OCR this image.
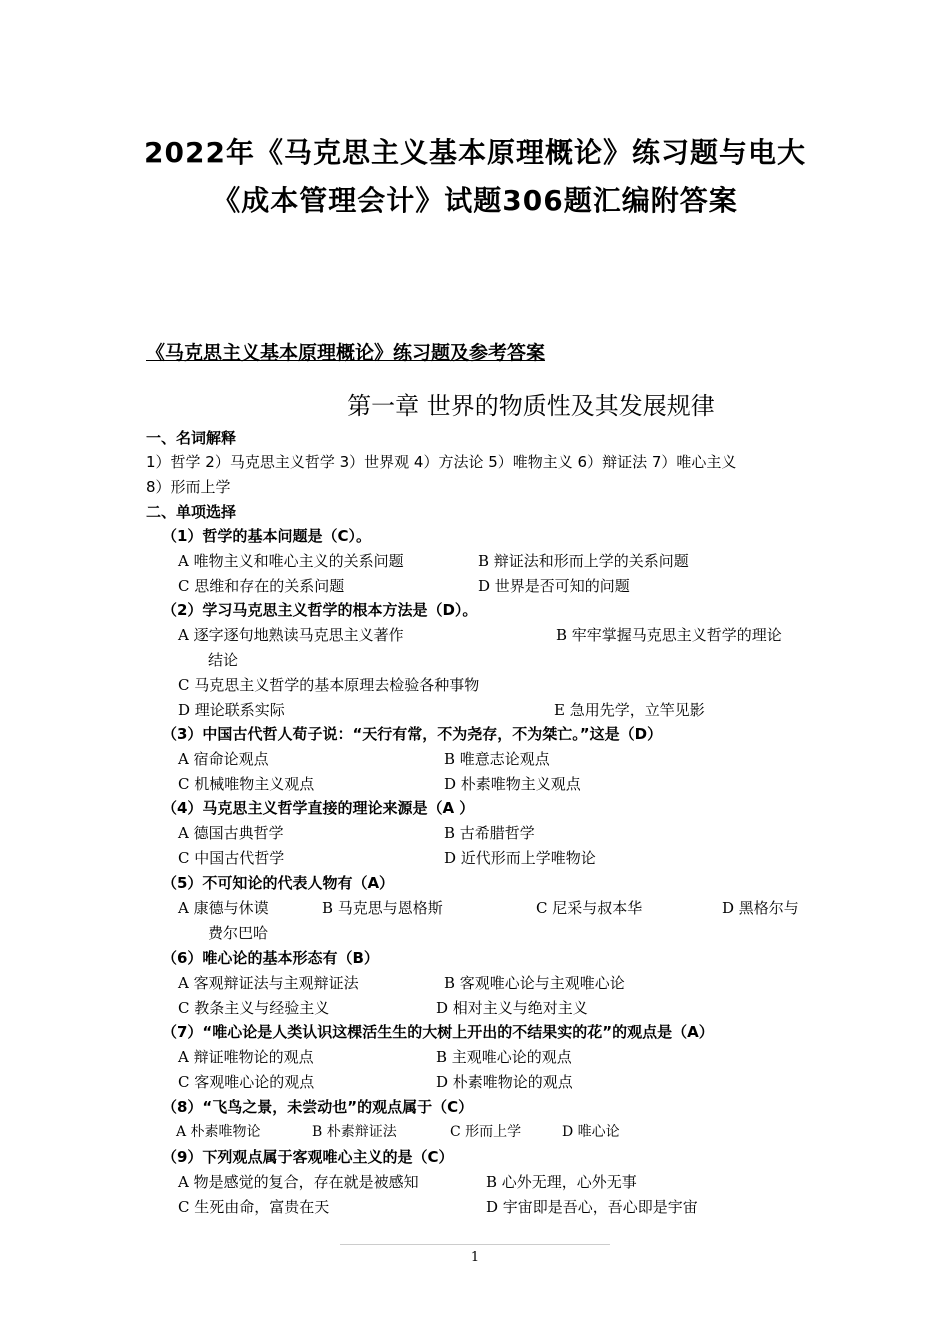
2022年《马克思主义基本原理概论》练习题与电大
《成本管理会计》试题306题汇编附答案
《马克思主义基本原理概论》练习题及参考答案
第一章 世界的物质性及其发展规律
一、名词解释
1）哲学 2）马克思主义哲学 3）世界观 4）方法论 5）唯物主义 6）辩证法 7）唯心主义
8）形而上学
二、单项选择
（1）哲学的基本问题是（C）。
A 唯物主义和唯心主义的关系问题	B 辩证法和形而上学的关系问题
C 思维和存在的关系问题	D 世界是否可知的问题
（2）学习马克思主义哲学的根本方法是（D）。
A 逐字逐句地熟读马克思主义著作	B 牢牢掌握马克思主义哲学的理论
结论
C 马克思主义哲学的基本原理去检验各种事物
D 理论联系实际	E 急用先学，立竿见影
（3）中国古代哲人荀子说：“天行有常，不为尧存，不为桀亡。”这是（D）
A 宿命论观点	B 唯意志论观点
C 机械唯物主义观点	D 朴素唯物主义观点
（4）马克思主义哲学直接的理论来源是（A ）
A 德国古典哲学	B 古希腊哲学
C 中国古代哲学	D 近代形而上学唯物论
（5）不可知论的代表人物有（A）
A 康德与休谟	B 马克思与恩格斯	C 尼采与叔本华	D 黑格尔与
费尔巴哈
（6）唯心论的基本形态有（B）
A 客观辩证法与主观辩证法	B 客观唯心论与主观唯心论
C 教条主义与经验主义	D 相对主义与绝对主义
（7）“唯心论是人类认识这棵活生生的大树上开出的不结果实的花”的观点是（A）
A 辩证唯物论的观点	B 主观唯心论的观点
C 客观唯心论的观点	D 朴素唯物论的观点
（8）“飞鸟之景，未尝动也”的观点属于（C）
A 朴素唯物论	B 朴素辩证法	C 形而上学	D 唯心论
（9）下列观点属于客观唯心主义的是（C）
A 物是感觉的复合，存在就是被感知	B 心外无理，心外无事
C 生死由命，富贵在天	D 宇宙即是吾心，吾心即是宇宙
1
